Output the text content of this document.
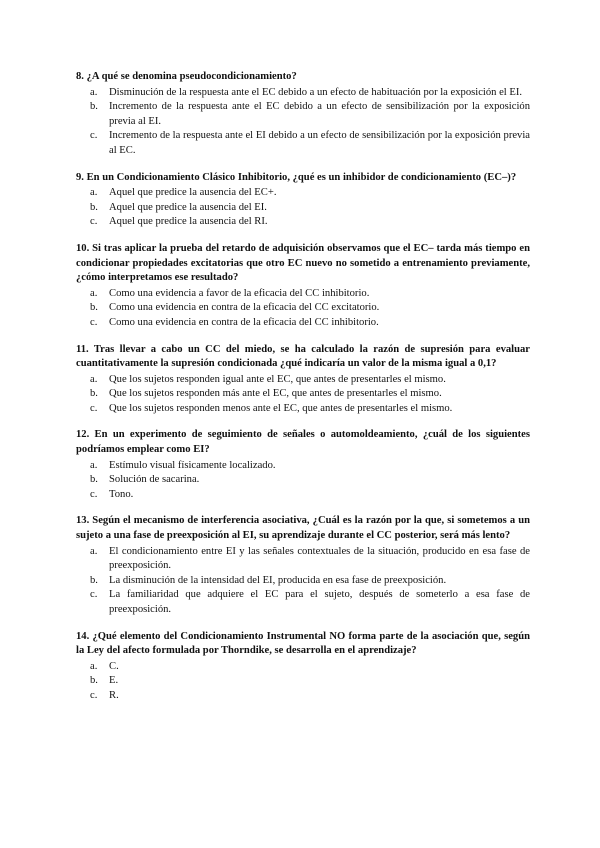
8. ¿A qué se denomina pseudocondicionamiento?

a. Disminución de la respuesta ante el EC debido a un efecto de habituación por la exposición el EI.
b. Incremento de la respuesta ante el EC debido a un efecto de sensibilización por la exposición previa al EI.
c. Incremento de la respuesta ante el EI debido a un efecto de sensibilización por la exposición previa al EC.

9. En un Condicionamiento Clásico Inhibitorio, ¿qué es un inhibidor de condicionamiento (EC–)?

a. Aquel que predice la ausencia del EC+.
b. Aquel que predice la ausencia del EI.
c. Aquel que predice la ausencia del RI.

10. Si tras aplicar la prueba del retardo de adquisición observamos que el EC– tarda más tiempo en condicionar propiedades excitatorias que otro EC nuevo no sometido a entrenamiento previamente, ¿cómo interpretamos ese resultado?

a. Como una evidencia a favor de la eficacia del CC inhibitorio.
b. Como una evidencia en contra de la eficacia del CC excitatorio.
c. Como una evidencia en contra de la eficacia del CC inhibitorio.

11. Tras llevar a cabo un CC del miedo, se ha calculado la razón de supresión para evaluar cuantitativamente la supresión condicionada ¿qué indicaría un valor de la misma igual a 0,1?

a. Que los sujetos responden igual ante el EC, que antes de presentarles el mismo.
b. Que los sujetos responden más ante el EC, que antes de presentarles el mismo.
c. Que los sujetos responden menos ante el EC, que antes de presentarles el mismo.

12. En un experimento de seguimiento de señales o automoldeamiento, ¿cuál de los siguientes podríamos emplear como EI?

a. Estímulo visual físicamente localizado.
b. Solución de sacarina.
c. Tono.

13. Según el mecanismo de interferencia asociativa, ¿Cuál es la razón por la que, si sometemos a un sujeto a una fase de preexposición al EI, su aprendizaje durante el CC posterior, será más lento?

a. El condicionamiento entre EI y las señales contextuales de la situación, producido en esa fase de preexposición.
b. La disminución de la intensidad del EI, producida en esa fase de preexposición.
c. La familiaridad que adquiere el EC para el sujeto, después de someterlo a esa fase de preexposición.

14. ¿Qué elemento del Condicionamiento Instrumental NO forma parte de la asociación que, según la Ley del afecto formulada por Thorndike, se desarrolla en el aprendizaje?

a. C.
b. E.
c. R.
